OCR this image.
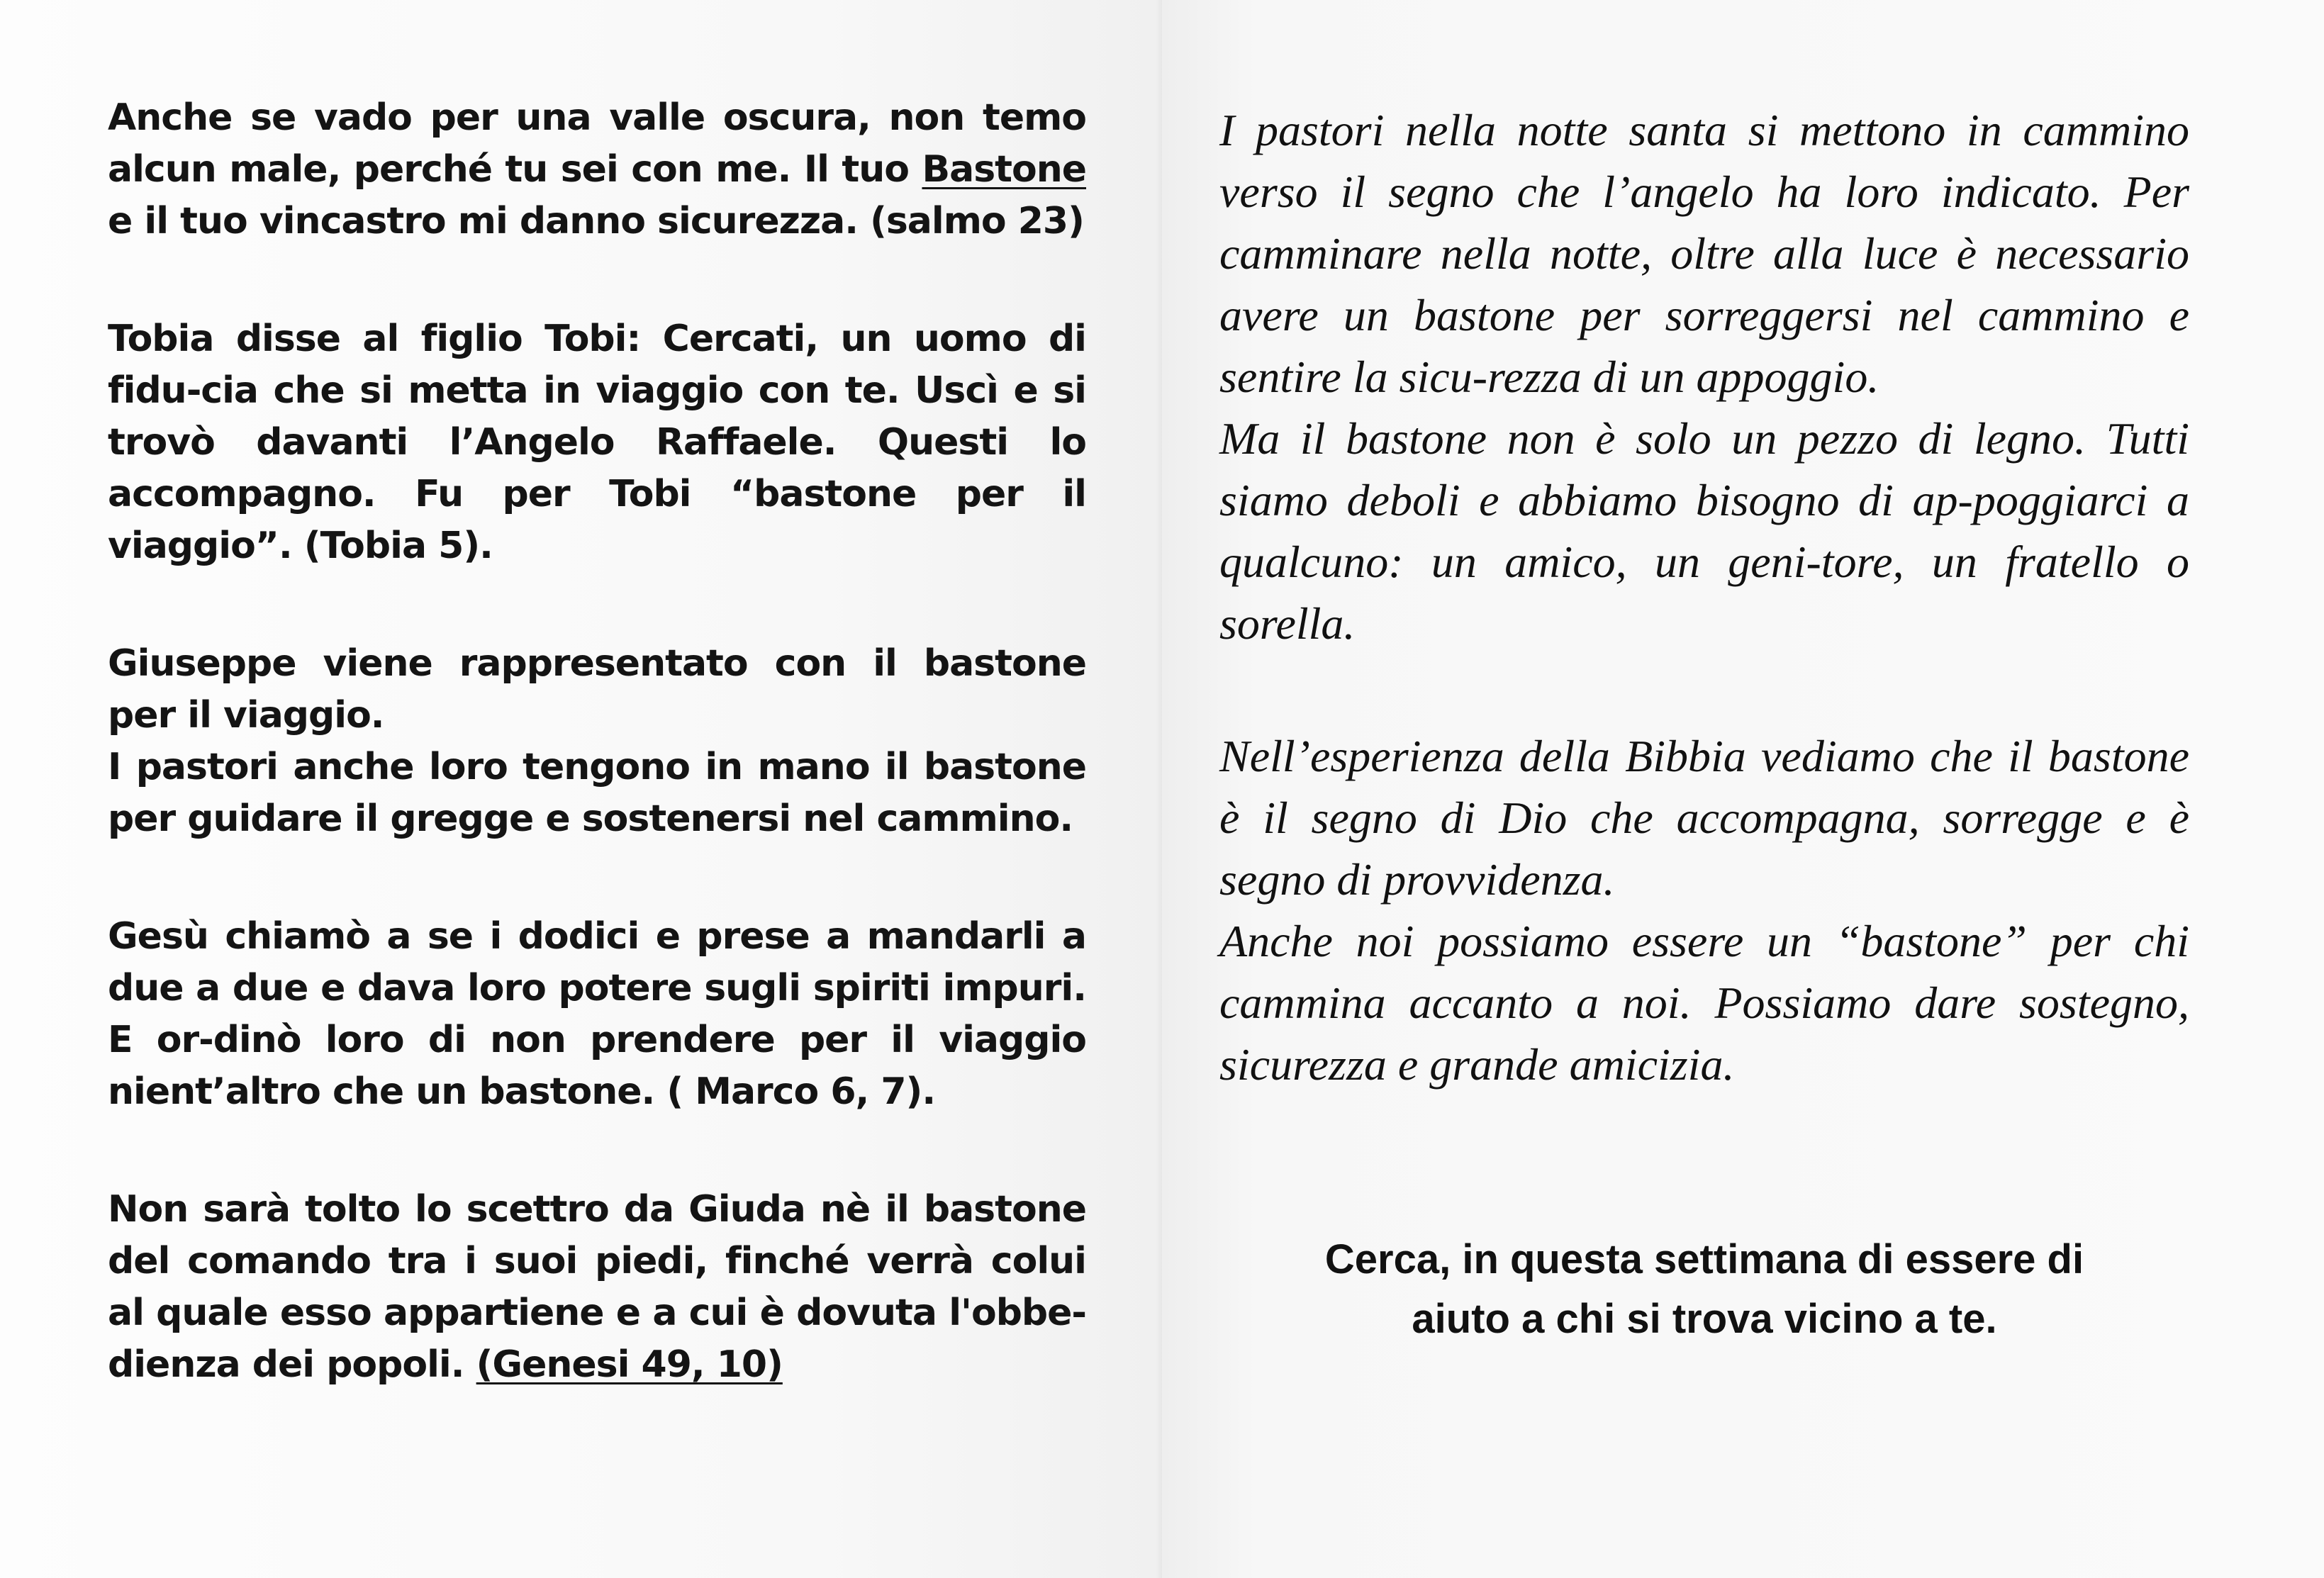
Anche se vado per una valle oscura, non temo alcun male, perché tu sei con me. Il tuo Bastone e il tuo vincastro mi danno sicurezza. (salmo 23)

Tobia disse al figlio Tobi: Cercati, un uomo di fidu-cia che si metta in viaggio con te. Uscì e si trovò davanti l’Angelo Raffaele. Questi lo accompagno. Fu per Tobi “bastone per il viaggio”. (Tobia 5).

Giuseppe viene rappresentato con il bastone per il viaggio.

I pastori anche loro tengono in mano il bastone per guidare il gregge e sostenersi nel cammino.

Gesù chiamò a se i dodici e prese a mandarli a due a due e dava loro potere sugli spiriti impuri. E or-dinò loro di non prendere per il viaggio nient’altro che un bastone. ( Marco 6, 7).

Non sarà tolto lo scettro da Giuda nè il bastone del comando tra i suoi piedi, finché verrà colui al quale esso appartiene e a cui è dovuta l'obbe-dienza dei popoli. (Genesi 49, 10)

I pastori nella notte santa si mettono in cammino verso il segno che l’angelo ha loro indicato. Per camminare nella notte, oltre alla luce è necessario avere un bastone per sorreggersi nel cammino e sentire la sicu-rezza di un appoggio.

Ma il bastone non è solo un pezzo di legno. Tutti siamo deboli e abbiamo bisogno di ap-poggiarci a qualcuno: un amico, un geni-tore, un fratello o sorella.

Nell’esperienza della Bibbia vediamo che il bastone è il segno di Dio che accompagna, sorregge e è segno di provvidenza.

Anche noi possiamo essere un “bastone” per chi cammina accanto a noi. Possiamo dare sostegno, sicurezza e grande amicizia.

Cerca, in questa settimana di essere di
aiuto a chi si trova vicino a te.
